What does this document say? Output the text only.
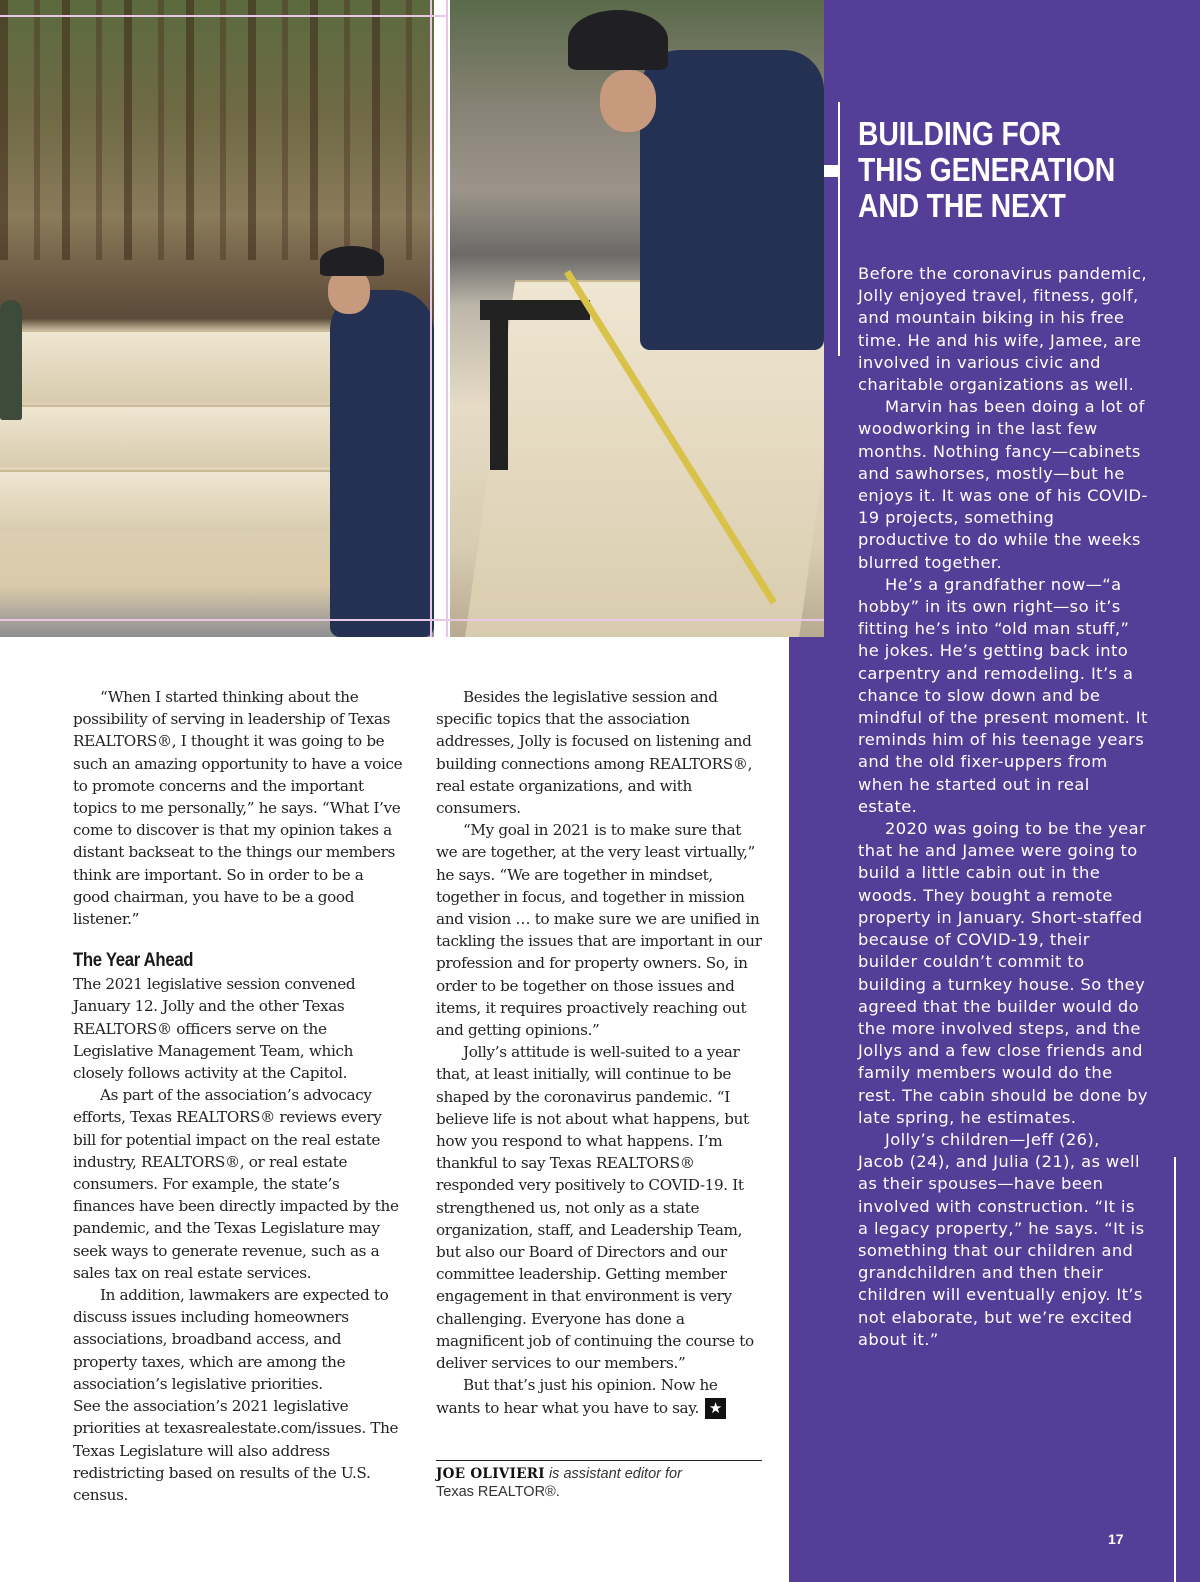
BUILDING FOR
THIS GENERATION
AND THE NEXT

Before the coronavirus pandemic, Jolly enjoyed travel, fitness, golf, and mountain biking in his free time. He and his wife, Jamee, are involved in various civic and charitable organizations as well.

Marvin has been doing a lot of woodworking in the last few months. Nothing fancy—cabinets and sawhorses, mostly—but he enjoys it. It was one of his COVID-19 projects, something productive to do while the weeks blurred together.

He’s a grandfather now—“a hobby” in its own right—so it’s fitting he’s into “old man stuff,” he jokes. He’s getting back into carpentry and remodeling. It’s a chance to slow down and be mindful of the present moment. It reminds him of his teenage years and the old fixer-uppers from when he started out in real estate.

2020 was going to be the year that he and Jamee were going to build a little cabin out in the woods. They bought a remote property in January. Short-staffed because of COVID-19, their builder couldn’t commit to building a turnkey house. So they agreed that the builder would do the more involved steps, and the Jollys and a few close friends and family members would do the rest. The cabin should be done by late spring, he estimates.

Jolly’s children—Jeff (26), Jacob (24), and Julia (21), as well as their spouses—have been involved with construction. “It is a legacy property,” he says. “It is something that our children and grandchildren and then their children will eventually enjoy. It’s not elaborate, but we’re excited about it.”

17

“When I started thinking about the possibility of serving in leadership of Texas REALTORS®, I thought it was going to be such an amazing opportunity to have a voice to promote concerns and the important topics to me personally,” he says. “What I’ve come to discover is that my opinion takes a distant backseat to the things our members think are important. So in order to be a good chairman, you have to be a good listener.”

The Year Ahead

The 2021 legislative session convened January 12. Jolly and the other Texas REALTORS® officers serve on the Legislative Management Team, which closely follows activity at the Capitol.

As part of the association’s advocacy efforts, Texas REALTORS® reviews every bill for potential impact on the real estate industry, REALTORS®, or real estate consumers. For example, the state’s finances have been directly impacted by the pandemic, and the Texas Legislature may seek ways to generate revenue, such as a sales tax on real estate services.

In addition, lawmakers are expected to discuss issues including homeowners associations, broadband access, and property taxes, which are among the association’s legislative priorities.

See the association’s 2021 legislative priorities at texasrealestate.com/issues. The Texas Legislature will also address redistricting based on results of the U.S. census.

Besides the legislative session and specific topics that the association addresses, Jolly is focused on listening and building connections among REALTORS®, real estate organizations, and with consumers.

“My goal in 2021 is to make sure that we are together, at the very least virtually,” he says. “We are together in mindset, together in focus, and together in mission and vision … to make sure we are unified in tackling the issues that are important in our profession and for property owners. So, in order to be together on those issues and items, it requires proactively reaching out and getting opinions.”

Jolly’s attitude is well-suited to a year that, at least initially, will continue to be shaped by the coronavirus pandemic. “I believe life is not about what happens, but how you respond to what happens. I’m thankful to say Texas REALTORS® responded very positively to COVID-19. It strengthened us, not only as a state organization, staff, and Leadership Team, but also our Board of Directors and our committee leadership. Getting member engagement in that environment is very challenging. Everyone has done a magnificent job of continuing the course to deliver services to our members.”

But that’s just his opinion. Now he wants to hear what you have to say. ★

JOE OLIVIERI is assistant editor for
Texas REALTOR®.
